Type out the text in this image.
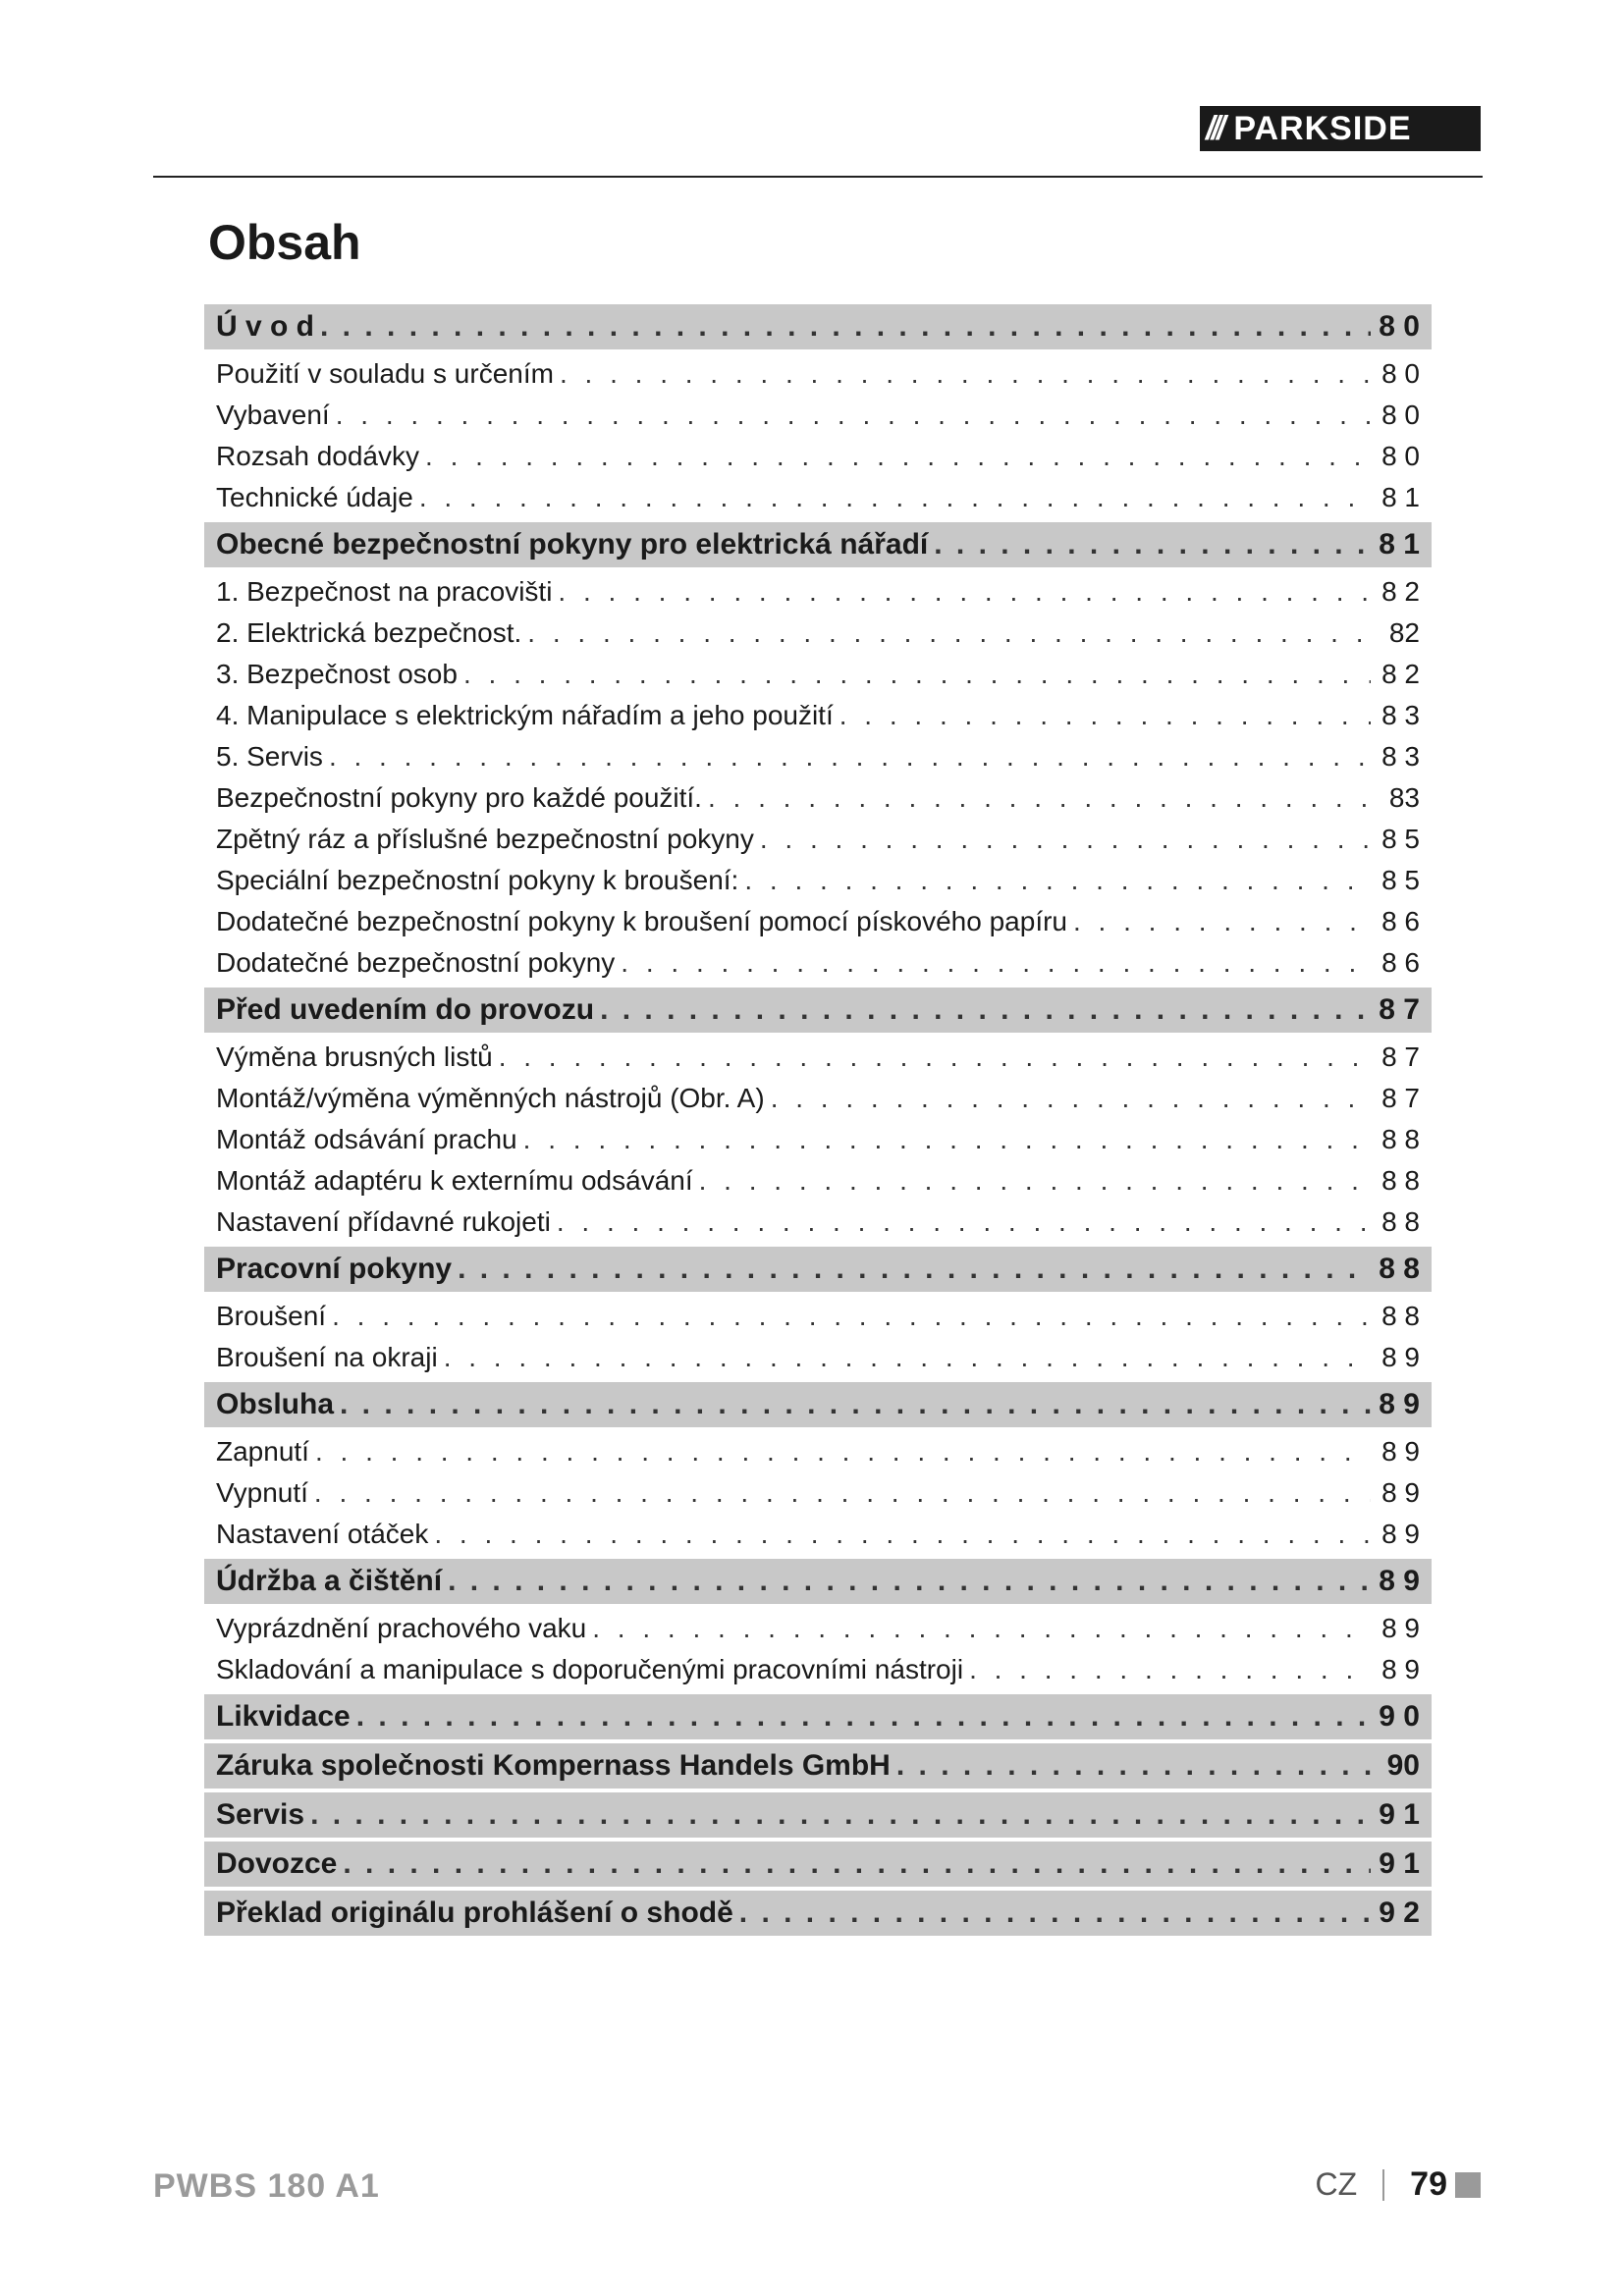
/// PARKSIDE
Obsah
Ú v o d . . .	8 0
Použití v souladu s určením . . .	8 0
Vybavení . . .	8 0
Rozsah dodávky . . .	8 0
Technické údaje . . .	8 1
Obecné bezpečnostní pokyny pro elektrická nářadí . . .	8 1
1. Bezpečnost na pracovišti . . .	8 2
2. Elektrická bezpečnost. . . .	82
3. Bezpečnost osob . . .	8 2
4. Manipulace s elektrickým nářadím a jeho použití . . .	8 3
5. Servis . . .	8 3
Bezpečnostní pokyny pro každé použití. . . .	83
Zpětný ráz a příslušné bezpečnostní pokyny . . .	8 5
Speciální bezpečnostní pokyny k broušení: . . .	8 5
Dodatečné bezpečnostní pokyny k broušení pomocí pískového papíru . . .	8 6
Dodatečné bezpečnostní pokyny . . .	8 6
Před uvedením do provozu . . .	8 7
Výměna brusných listů . . .	8 7
Montáž/výměna výměnných nástrojů (Obr. A) . . .	8 7
Montáž odsávání prachu . . .	8 8
Montáž adaptéru k externímu odsávání . . .	8 8
Nastavení přídavné rukojeti . . .	8 8
Pracovní pokyny . . .	8 8
Broušení . . .	8 8
Broušení na okraji . . .	8 9
Obsluha . . .	8 9
Zapnutí . . .	8 9
Vypnutí . . .	8 9
Nastavení otáček . . .	8 9
Údržba a čištění . . .	8 9
Vyprázdnění prachového vaku . . .	8 9
Skladování a manipulace s doporučenými pracovními nástroji . . .	8 9
Likvidace . . .	9 0
Záruka společnosti Kompernass Handels GmbH . . .	90
Servis . . .	9 1
Dovozce . . .	9 1
Překlad originálu prohlášení o shodě . . .	9 2
PWBS 180 A1	CZ 79
